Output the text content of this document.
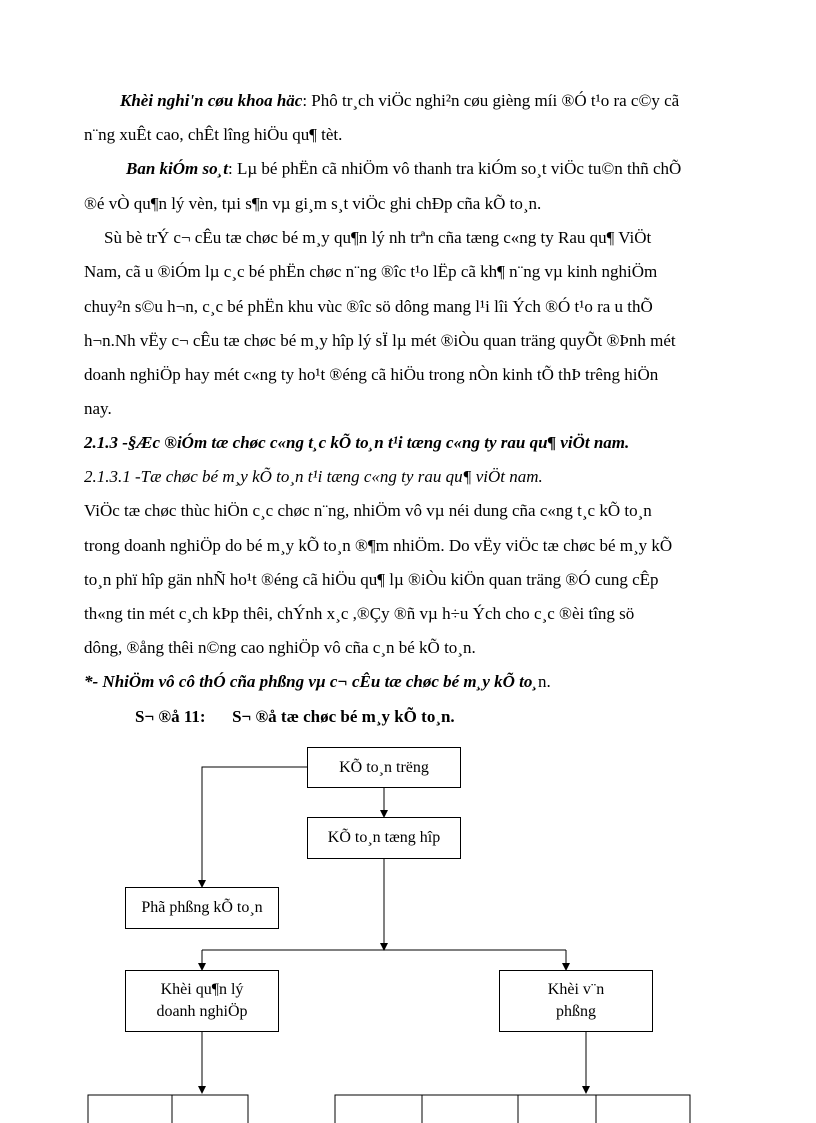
Khèi nghi'n cøu khoa häc: Phô tr¸ch viÖc nghi²n cøu gièng míi ®Ó t¹o ra c©y cã
n¨ng xuÊt cao, chÊt lîng hiÖu qu¶ tèt.
Ban kiÓm so¸t: Lµ bé phËn cã nhiÖm vô thanh tra kiÓm so¸t viÖc tu©n thñ chÕ
®é vÒ qu¶n lý vèn, tµi s¶n vµ gi¸m s¸t viÖc ghi chÐp cña kÕ to¸n.
Sù bè trÝ c¬ cÊu tæ chøc bé m¸y qu¶n lý nh trªn cña tæng c«ng ty Rau qu¶ ViÖt
Nam, cã u ®iÓm lµ c¸c bé phËn chøc n¨ng ®îc t¹o lËp cã kh¶ n¨ng vµ kinh nghiÖm
chuy²n s©u h¬n, c¸c bé phËn khu vùc ®îc sö dông mang l¹i lîi Ých ®Ó t¹o ra u thÕ
h¬n.Nh vËy c¬ cÊu tæ chøc bé m¸y hîp lý sÏ lµ mét ®iÒu quan träng quyÕt ®Þnh mét
doanh nghiÖp hay mét c«ng ty ho¹t ®éng cã hiÖu trong nÒn kinh tÕ thÞ trêng hiÖn
nay.
2.1.3 -§Æc ®iÓm tæ chøc c«ng t¸c kÕ to¸n t¹i tæng c«ng ty rau qu¶ viÖt nam.
2.1.3.1 -Tæ chøc bé m¸y kÕ to¸n t¹i tæng c«ng ty rau qu¶ viÖt nam.
ViÖc tæ chøc thùc hiÖn c¸c chøc n¨ng, nhiÖm vô vµ néi dung cña c«ng t¸c kÕ to¸n
trong doanh nghiÖp do bé m¸y kÕ to¸n ®¶m nhiÖm. Do vËy viÖc tæ chøc bé m¸y kÕ
to¸n phï hîp gän nhÑ ho¹t ®éng cã hiÖu qu¶ lµ ®iÒu kiÖn quan träng ®Ó cung cÊp
th«ng tin mét c¸ch kÞp thêi, chÝnh x¸c ,®Çy ®ñ vµ h÷u Ých cho c¸c ®èi tîng sö
dông, ®ång thêi n©ng cao nghiÖp vô cña c¸n bé kÕ to¸n.
*- NhiÖm vô cô thÓ cña phßng vµ c¬ cÊu tæ chøc bé m¸y kÕ to¸n.
S¬ ®å 11: S¬ ®å tæ chøc bé m¸y kÕ to¸n.
KÕ to¸n trëng
KÕ to¸n tæng hîp
Phã phßng kÕ to¸n
Khèi qu¶n lý
doanh nghiÖp
Khèi v¨n
phßng
